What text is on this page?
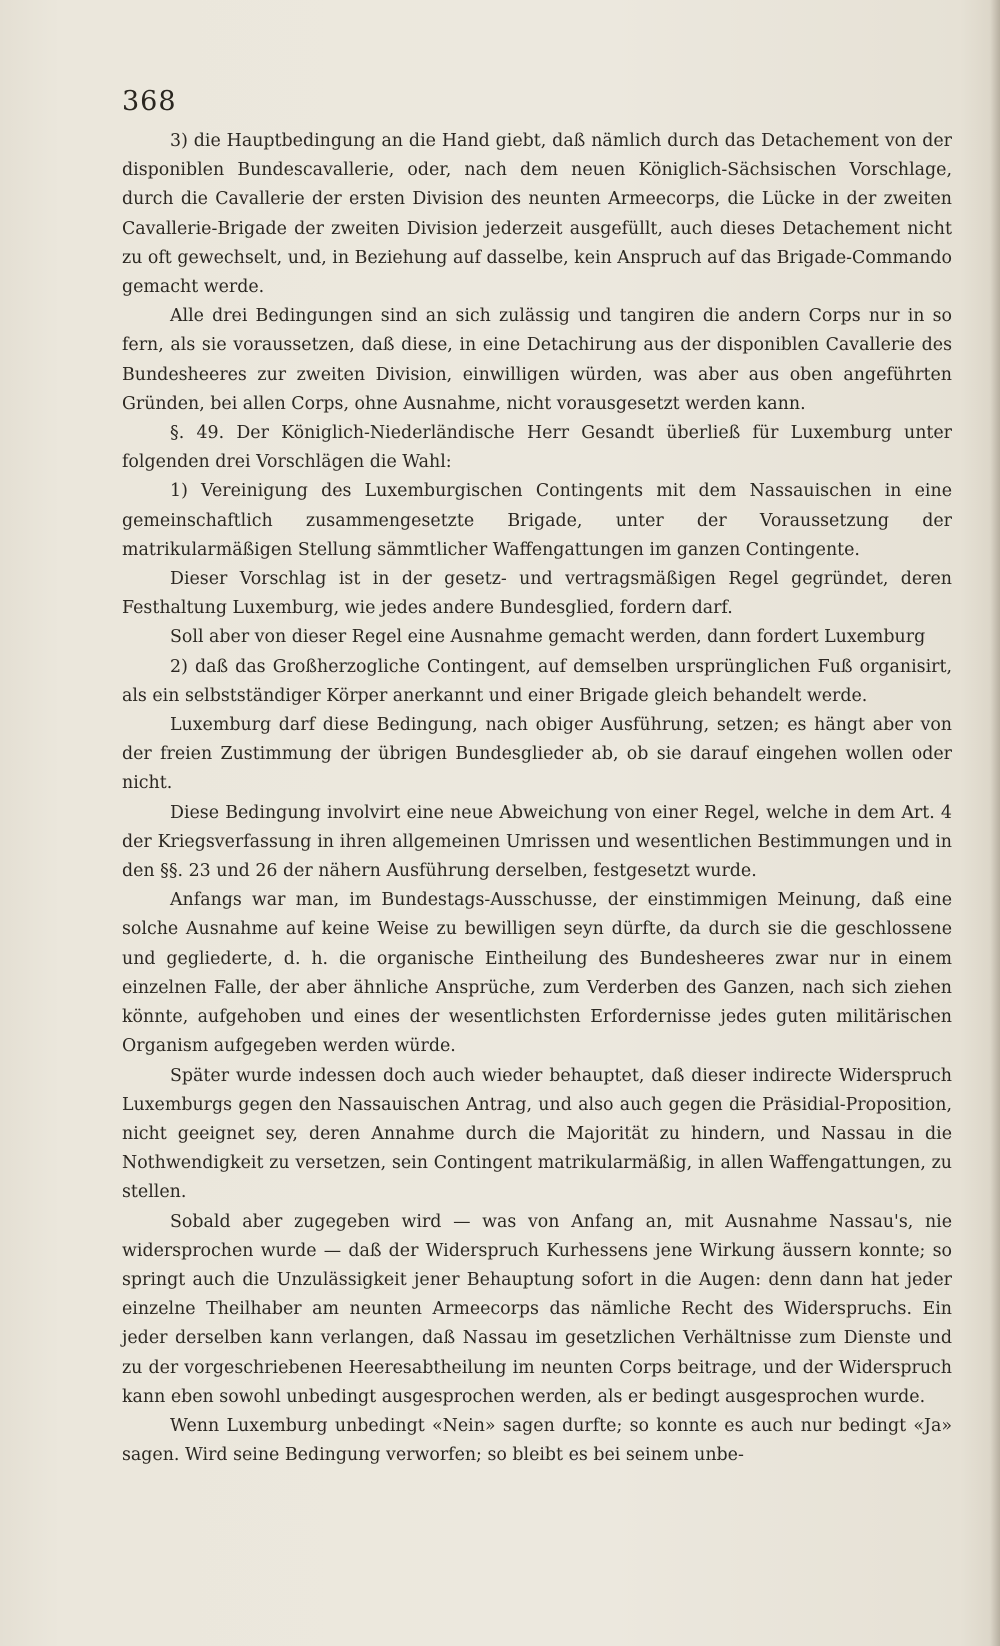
368

3) die Hauptbedingung an die Hand giebt, daß nämlich durch das Detachement von der disponiblen Bundescavallerie, oder, nach dem neuen Königlich-Sächsischen Vorschlage, durch die Cavallerie der ersten Division des neunten Armeecorps, die Lücke in der zweiten Cavallerie-Brigade der zweiten Division jederzeit ausgefüllt, auch dieses Detachement nicht zu oft gewechselt, und, in Beziehung auf dasselbe, kein Anspruch auf das Brigade-Commando gemacht werde.

Alle drei Bedingungen sind an sich zulässig und tangiren die andern Corps nur in so fern, als sie voraussetzen, daß diese, in eine Detachirung aus der disponiblen Cavallerie des Bundesheeres zur zweiten Division, einwilligen würden, was aber aus oben angeführten Gründen, bei allen Corps, ohne Ausnahme, nicht vorausgesetzt werden kann.

§. 49. Der Königlich-Niederländische Herr Gesandt überließ für Luxemburg unter folgenden drei Vorschlägen die Wahl:

1) Vereinigung des Luxemburgischen Contingents mit dem Nassauischen in eine gemeinschaftlich zusammengesetzte Brigade, unter der Voraussetzung der matrikularmäßigen Stellung sämmtlicher Waffengattungen im ganzen Contingente.

Dieser Vorschlag ist in der gesetz- und vertragsmäßigen Regel gegründet, deren Festhaltung Luxemburg, wie jedes andere Bundesglied, fordern darf.

Soll aber von dieser Regel eine Ausnahme gemacht werden, dann fordert Luxemburg

2) daß das Großherzogliche Contingent, auf demselben ursprünglichen Fuß organisirt, als ein selbstständiger Körper anerkannt und einer Brigade gleich behandelt werde.

Luxemburg darf diese Bedingung, nach obiger Ausführung, setzen; es hängt aber von der freien Zustimmung der übrigen Bundesglieder ab, ob sie darauf eingehen wollen oder nicht.

Diese Bedingung involvirt eine neue Abweichung von einer Regel, welche in dem Art. 4 der Kriegsverfassung in ihren allgemeinen Umrissen und wesentlichen Bestimmungen und in den §§. 23 und 26 der nähern Ausführung derselben, festgesetzt wurde.

Anfangs war man, im Bundestags-Ausschusse, der einstimmigen Meinung, daß eine solche Ausnahme auf keine Weise zu bewilligen seyn dürfte, da durch sie die geschlossene und gegliederte, d. h. die organische Eintheilung des Bundesheeres zwar nur in einem einzelnen Falle, der aber ähnliche Ansprüche, zum Verderben des Ganzen, nach sich ziehen könnte, aufgehoben und eines der wesentlichsten Erfordernisse jedes guten militärischen Organism aufgegeben werden würde.

Später wurde indessen doch auch wieder behauptet, daß dieser indirecte Widerspruch Luxemburgs gegen den Nassauischen Antrag, und also auch gegen die Präsidial-Proposition, nicht geeignet sey, deren Annahme durch die Majorität zu hindern, und Nassau in die Nothwendigkeit zu versetzen, sein Contingent matrikularmäßig, in allen Waffengattungen, zu stellen.

Sobald aber zugegeben wird — was von Anfang an, mit Ausnahme Nassau's, nie widersprochen wurde — daß der Widerspruch Kurhessens jene Wirkung äussern konnte; so springt auch die Unzulässigkeit jener Behauptung sofort in die Augen: denn dann hat jeder einzelne Theilhaber am neunten Armeecorps das nämliche Recht des Widerspruchs. Ein jeder derselben kann verlangen, daß Nassau im gesetzlichen Verhältnisse zum Dienste und zu der vorgeschriebenen Heeresabtheilung im neunten Corps beitrage, und der Widerspruch kann eben sowohl unbedingt ausgesprochen werden, als er bedingt ausgesprochen wurde.

Wenn Luxemburg unbedingt «Nein» sagen durfte; so konnte es auch nur bedingt «Ja» sagen. Wird seine Bedingung verworfen; so bleibt es bei seinem unbe-
